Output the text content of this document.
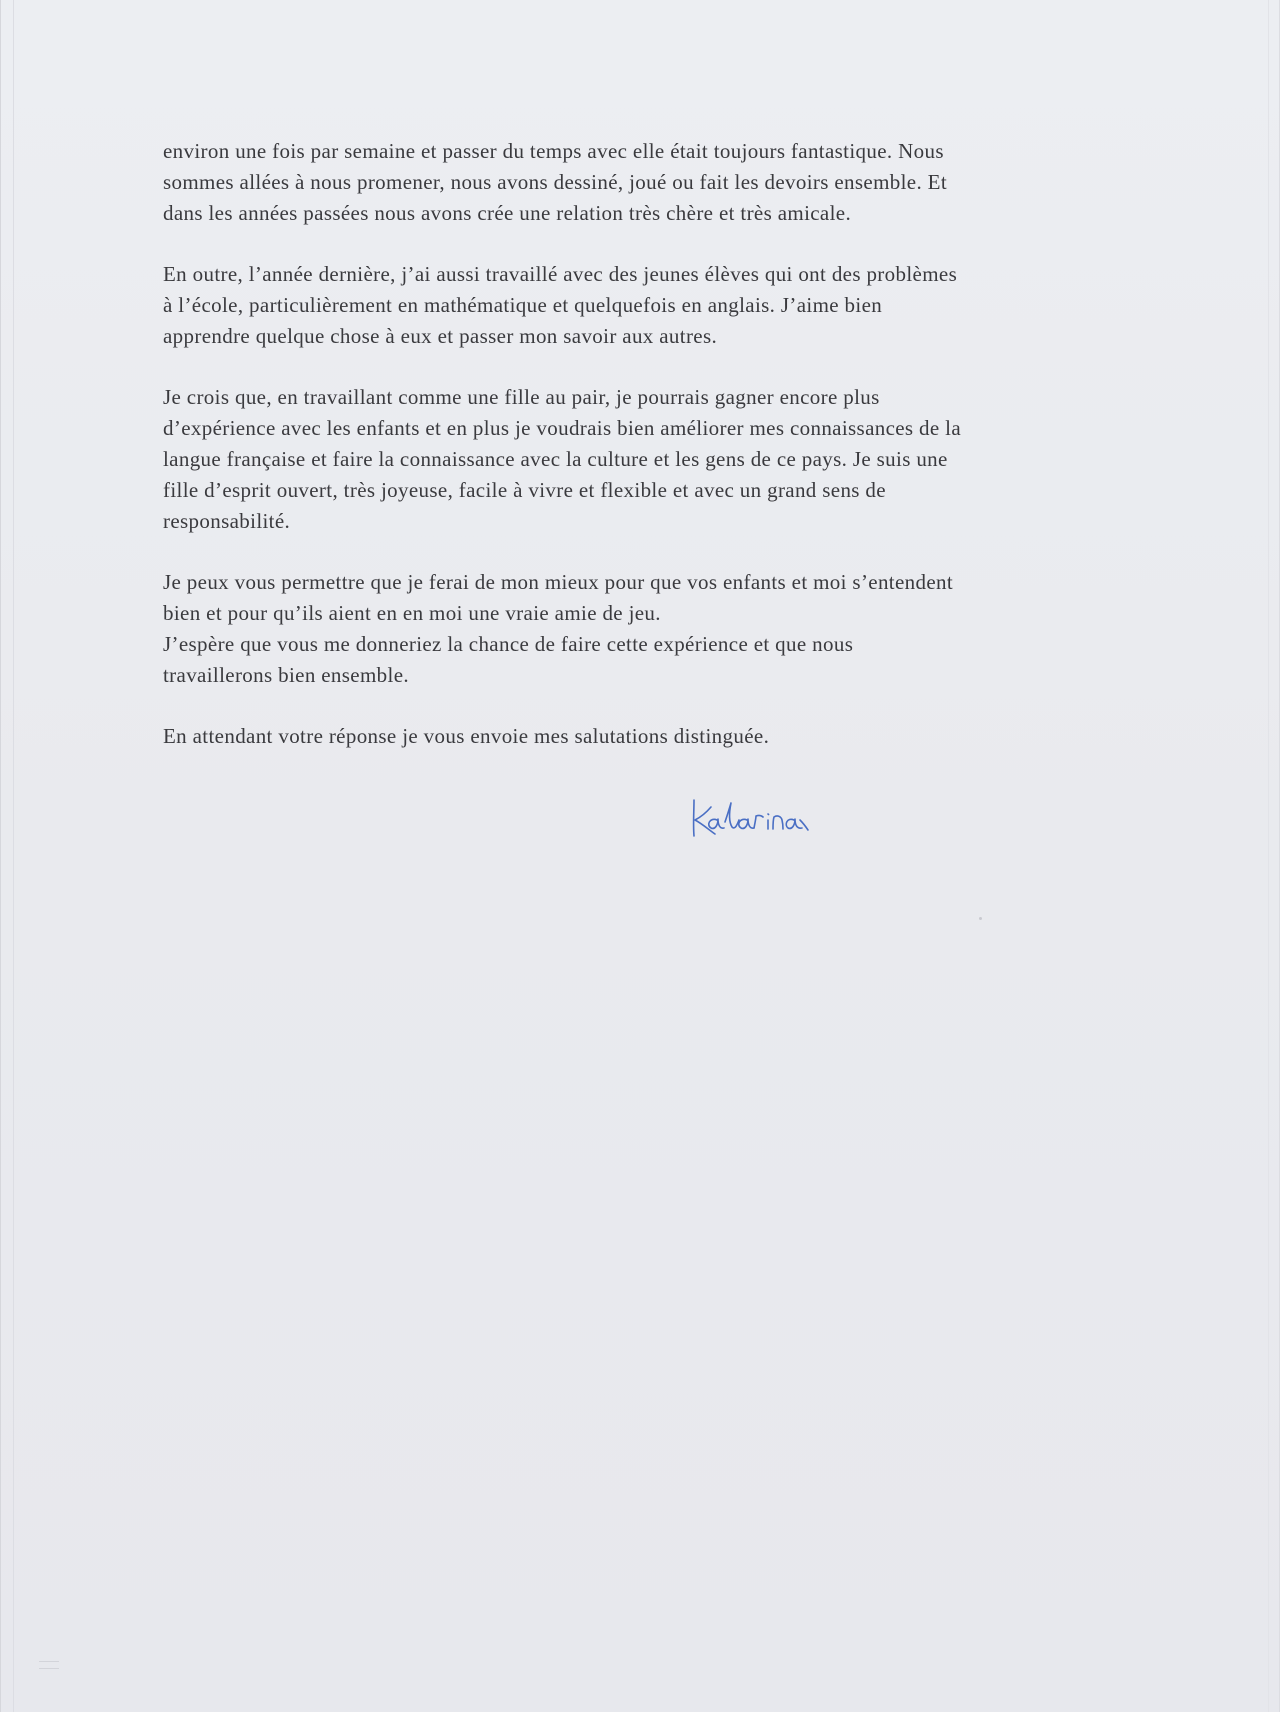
environ une fois par semaine et passer du temps avec elle était toujours fantastique. Nous
sommes allées à nous promener, nous avons dessiné, joué ou fait les devoirs ensemble. Et
dans les années passées nous avons crée une relation très chère et très amicale.

En outre, l’année dernière, j’ai aussi travaillé avec des jeunes élèves qui ont des problèmes
à l’école, particulièrement en mathématique et quelquefois en anglais. J’aime bien
apprendre quelque chose à eux et passer mon savoir aux autres.

Je crois que, en travaillant comme une fille au pair, je pourrais gagner encore plus
d’expérience avec les enfants et en plus je voudrais bien améliorer mes connaissances de la
langue française et faire la connaissance avec la culture et les gens de ce pays. Je suis une
fille d’esprit ouvert, très joyeuse, facile à vivre et flexible et avec un grand sens de
responsabilité.

Je peux vous permettre que je ferai de mon mieux pour que vos enfants et moi s’entendent
bien et pour qu’ils aient en en moi une vraie amie de jeu.
J’espère que vous me donneriez la chance de faire cette expérience et que nous
travaillerons bien ensemble.

En attendant votre réponse je vous envoie mes salutations distinguée.
